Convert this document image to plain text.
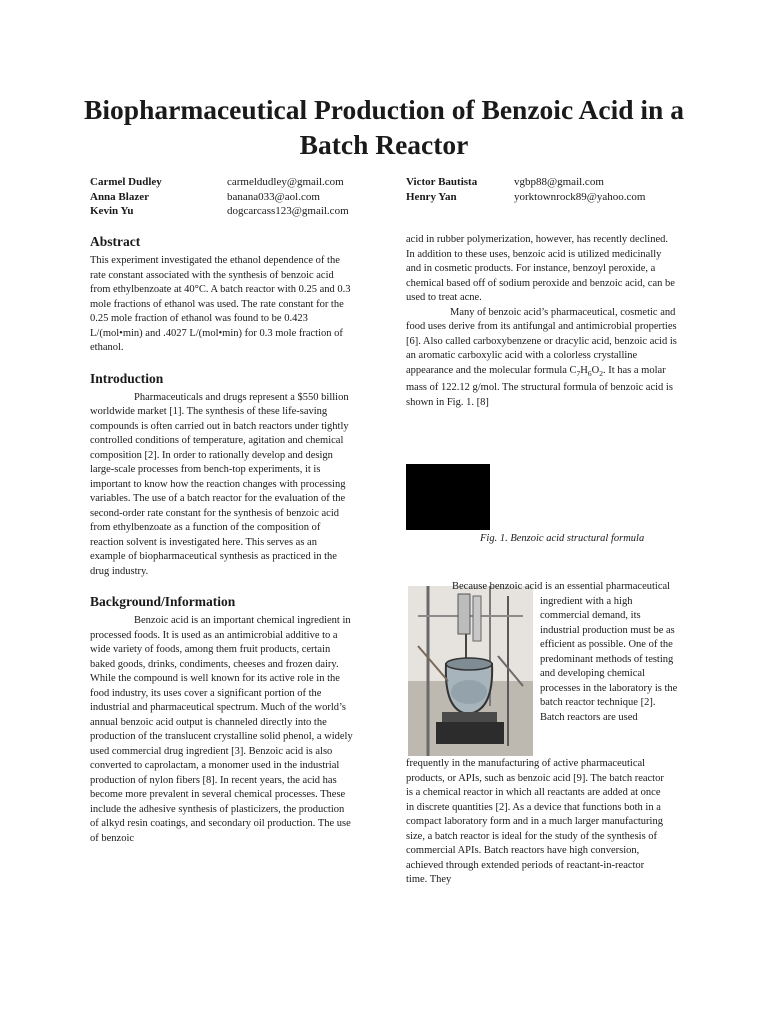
Biopharmaceutical Production of Benzoic Acid in a Batch Reactor
Carmel Dudley	carmeldudley@gmail.com
Anna Blazer	banana033@aol.com
Kevin Yu	dogcarcass123@gmail.com
Victor Bautista	vgbp88@gmail.com
Henry Yan	yorktownrock89@yahoo.com
Abstract

This experiment investigated the ethanol dependence of the rate constant associated with the synthesis of benzoic acid from ethylbenzoate at 40°C. A batch reactor with 0.25 and 0.3 mole fractions of ethanol was used. The rate constant for the 0.25 mole fraction of ethanol was found to be 0.423 L/(mol•min) and .4027 L/(mol•min) for 0.3 mole fraction of ethanol.

Introduction

Pharmaceuticals and drugs represent a $550 billion worldwide market [1]. The synthesis of these life-saving compounds is often carried out in batch reactors under tightly controlled conditions of temperature, agitation and chemical composition [2]. In order to rationally develop and design large-scale processes from bench-top experiments, it is important to know how the reaction changes with processing variables. The use of a batch reactor for the evaluation of the second-order rate constant for the synthesis of benzoic acid from ethylbenzoate as a function of the composition of reaction solvent is investigated here. This serves as an example of biopharmaceutical synthesis as practiced in the drug industry.

Background/Information

Benzoic acid is an important chemical ingredient in processed foods. It is used as an antimicrobial additive to a wide variety of foods, among them fruit products, certain baked goods, drinks, condiments, cheeses and frozen dairy. While the compound is well known for its active role in the food industry, its uses cover a significant portion of the industrial and pharmaceutical spectrum. Much of the world’s annual benzoic acid output is channeled directly into the production of the translucent crystalline solid phenol, a widely used commercial drug ingredient [3]. Benzoic acid is also converted to caprolactam, a monomer used in the industrial production of nylon fibers [8]. In recent years, the acid has become more prevalent in several chemical processes. These include the adhesive synthesis of plasticizers, the production of alkyd resin coatings, and secondary oil production. The use of benzoic

acid in rubber polymerization, however, has recently declined. In addition to these uses, benzoic acid is utilized medicinally and in cosmetic products. For instance, benzoyl peroxide, a chemical based off of sodium peroxide and benzoic acid, can be used to treat acne.

Many of benzoic acid’s pharmaceutical, cosmetic and food uses derive from its antifungal and antimicrobial properties [6]. Also called carboxybenzene or dracylic acid, benzoic acid is an aromatic carboxylic acid with a colorless crystalline appearance and the molecular formula $C_7H_6O_2$. It has a molar mass of 122.12 g/mol. The structural formula of benzoic acid is shown in Fig. 1. [8]

Fig. 1. Benzoic acid structural formula

Because benzoic acid is an essential pharmaceutical ingredient with a high commercial demand, its industrial production must be as efficient as possible. One of the predominant methods of testing and developing chemical processes in the laboratory is the batch reactor technique [2]. Batch reactors are used

frequently in the manufacturing of active pharmaceutical products, or APIs, such as benzoic acid [9]. The batch reactor is a chemical reactor in which all reactants are added at once in discrete quantities [2]. As a device that functions both in a compact laboratory form and in a much larger manufacturing size, a batch reactor is ideal for the study of the synthesis of commercial APIs. Batch reactors have high conversion, achieved through extended periods of reactant-in-reactor time. They
